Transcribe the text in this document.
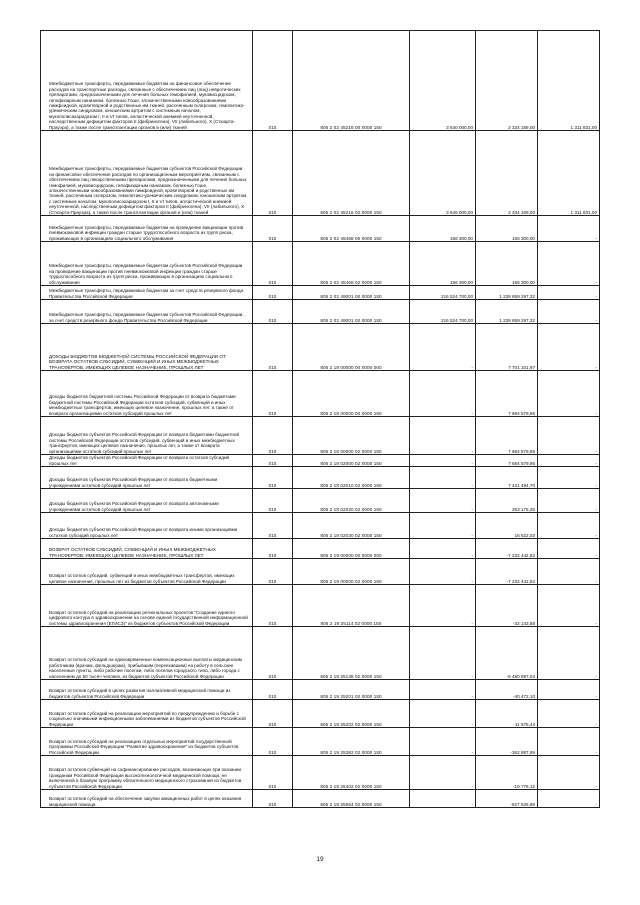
Межбюджетные трансферты, передаваемые бюджетам на финансовое обеспечение расходов на транспортные расходы, связанные с обеспечением лиц (лиц) невротических препаратами, предназначенными для лечения больных гемофилией, муковисцидозом, гипофизарным нанизмом, болезнью Гоше, злокачественными новообразованиями лимфоидной, кроветворной и родственных им тканей, рассеянным склерозом, гемолитико-уремическим синдромом, юношеским артритом с системным началом, мукополисахаридозом I, II и VI типов, апластической анемией неуточненной, наследственным дефицитом факторов II (фибриногена), VII (лабильного), X (Стюарта-Прауэра), а также после трансплантации органов и (или) тканей	010	805 2 02 45216 00 0000 150	3 640 000,00	2 334 169,00	1 311 831,00
Межбюджетные трансферты, передаваемые бюджетам субъектов Российской Федерации на финансовое обеспечение расходов по организационным мероприятиям, связанным с обеспечением лиц лекарственными препаратами, предназначенными для лечения больных гемофилией, муковисцидозом, гипофизарным нанизмом, болезнью Гоше, злокачественными новообразованиями лимфоидной, кроветворной и родственных им тканей, рассеянным склерозом, гемолитико-уремическим синдромом, юношеским артритом с системным началом, мукополисахаридозом I, II и VI типов, апластической анемией неуточненной, наследственным дефицитом факторов II (фибриногена), VII (лабильного), X (Стюарта-Прауэра), а также после трансплантации органов и (или) тканей	010	805 2 02 45216 02 0000 150	3 646 000,00	2 334 169,00	1 311 831,00
Межбюджетные трансферты, передаваемые бюджетам на проведение вакцинации против пневмококковой инфекции граждан старше трудоспособного возраста из групп риска, проживающих в организациях социального обслуживания	010	805 2 02 45468 00 0000 150	156 300,00	156 300,00	-
Межбюджетные трансферты, передаваемые бюджетам субъектов Российской Федерации на проведение вакцинации против пневмококковой инфекции граждан старше трудоспособного возраста из групп риска, проживающих в организациях социального обслуживания	010	805 2 02 45468 02 0000 150	156 300,00	156 300,00	-
Межбюджетные трансферты, передаваемые бюджетам за счет средств резервного фонда Правительства Российской Федерации	010	805 2 02 49001 00 0000 150	216 524 700,00	1 228 659 297,32	-
Межбюджетные трансферты, передаваемые бюджетам субъектов Российской Федерации, за счет средств резервного фонда Правительства Российской Федерации	010	805 2 02 49001 02 0000 150	216 524 700,00	1 228 659 297,32	-
ДОХОДЫ БЮДЖЕТОВ БЮДЖЕТНОЙ СИСТЕМЫ РОССИЙСКОЙ ФЕДЕРАЦИИ ОТ ВОЗВРАТА ОСТАТКОВ СУБСИДИЙ, СУБВЕНЦИЙ И ИНЫХ МЕЖБЮДЖЕТНЫХ ТРАНСФЕРТОВ, ИМЕЮЩИХ ЦЕЛЕВОЕ НАЗНАЧЕНИЕ, ПРОШЛЫХ ЛЕТ	010	805 2 18 00000 00 0000 000	-	7 701 101,97	-
Доходы бюджетов бюджетной системы Российской Федерации от возврата бюджетами бюджетной системы Российской Федерации остатков субсидий, субвенций и иных межбюджетных трансфертов, имеющих целевое назначение, прошлых лет, а также от возврата организациями остатков субсидий прошлых лет	010	805 2 18 00000 00 0000 150	-	7 684 579,95	-
Доходы бюджетов субъектов Российской Федерации от возврата бюджетами бюджетной системы Российской Федерации остатков субсидий, субвенций и иных межбюджетных трансфертов, имеющих целевое назначение, прошлых лет, а также от возврата организациями остатков субсидий прошлых лет	010	805 2 18 00000 02 0000 150	-	7 684 579,95	-
Доходы бюджетов субъектов Российской Федерации от возврата остатков субсидий прошлых лет	010	805 2 18 02000 02 0000 150	-	7 684 579,95	-
Доходы бюджетов субъектов Российской Федерации от возврата бюджетными учреждениями остатков субсидий прошлых лет	010	805 2 18 02010 02 0000 150	-	7 431 494,70	-
Доходы бюджетов субъектов Российской Федерации от возврата автономными учреждениями остатков субсидий прошлых лет	010	805 2 18 02020 02 0000 150	-	253 175,25	-
Доходы бюджетов субъектов Российской Федерации от возврата иными организациями остатков субсидий прошлых лет	010	805 2 18 02030 02 0000 150	-	16 522,02	-
ВОЗВРАТ ОСТАТКОВ СУБСИДИЙ, СУБВЕНЦИЙ И ИНЫХ МЕЖБЮДЖЕТНЫХ ТРАНСФЕРТОВ, ИМЕЮЩИХ ЦЕЛЕВОЕ НАЗНАЧЕНИЕ, ПРОШЛЫХ ЛЕТ	010	805 2 19 00000 00 0000 000	-	-7 232 442,62	-
Возврат остатков субсидий, субвенций и иных межбюджетных трансфертов, имеющих целевое назначение, прошлых лет из бюджетов субъектов Российской Федерации	010	805 2 19 00000 02 0000 150	-	-7 232 442,62	-
Возврат остатков субсидий на реализацию региональных проектов "Создание единого цифрового контура в здравоохранении на основе единой государственной информационной системы здравоохранения (ЕГИСЗ)" из бюджетов субъектов Российской Федерации	010	805 2 19 25114 02 0000 150	-	-32 143,88	-
Возврат остатков субсидий на единовременные компенсационные выплаты медицинским работникам (врачам, фельдшерам), прибывшим (переехавшим) на работу в сельские населенные пункты, либо рабочие поселки, либо поселки городского типа, либо города с населением до 50 тысяч человек, из бюджетов субъектов Российской Федерации	010	805 2 19 25138 02 0000 150	-	-5 480 697,04	-
Возврат остатков субсидий в целях развития паллиативной медицинской помощи из бюджетов субъектов Российской Федерации	010	805 2 19 25201 02 0000 150	-	-40 472,10	-
Возврат остатков субсидий на реализацию мероприятий по предупреждению и борьбе с социально значимыми инфекционными заболеваниями из бюджетов субъектов Российской Федерации	010	805 2 19 25202 02 0000 150	-	-11 575,44	-
Возврат остатков субсидий на реализацию отдельных мероприятий государственной программы Российской Федерации "Развитие здравоохранения" из бюджетов субъектов Российской Федерации	010	805 2 19 25382 02 0000 150	-	-362 887,69	-
Возврат остатков субвенций на софинансирование расходов, возникающих при оказании гражданам Российской Федерации высокотехнологичной медицинской помощи, не включенной в базовую программу обязательного медицинского страхования из бюджетов субъектов Российской Федерации	010	805 2 19 25402 02 0000 150	-	-19 776,12	-
Возврат остатков субсидий на обеспечение закупки авиационных работ в целях оказания медицинской помощи	010	805 2 19 25554 02 0000 150	-	-627 525,89	-
19
